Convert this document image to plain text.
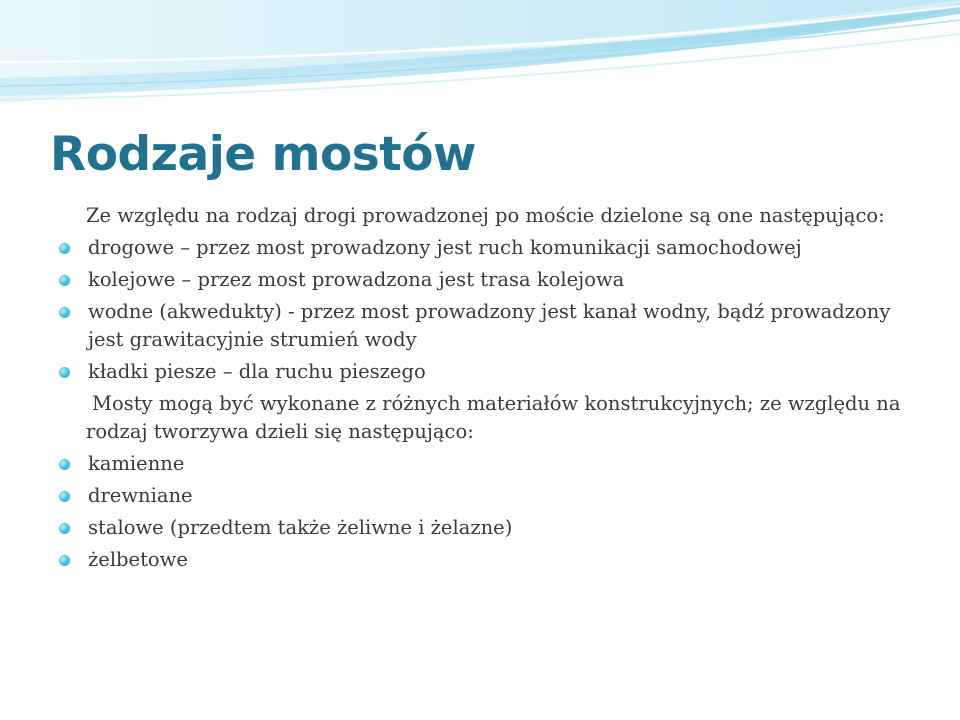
Rodzaje mostów
Ze względu na rodzaj drogi prowadzonej po moście dzielone są one następująco:
drogowe – przez most prowadzony jest ruch komunikacji samochodowej
kolejowe – przez most prowadzona jest trasa kolejowa
wodne (akwedukty) - przez most prowadzony jest kanał wodny, bądź prowadzony jest grawitacyjnie strumień wody
kładki piesze – dla ruchu pieszego
Mosty mogą być wykonane z różnych materiałów konstrukcyjnych; ze względu na rodzaj tworzywa dzieli się następująco:
kamienne
drewniane
stalowe (przedtem także żeliwne i żelazne)
żelbetowe
